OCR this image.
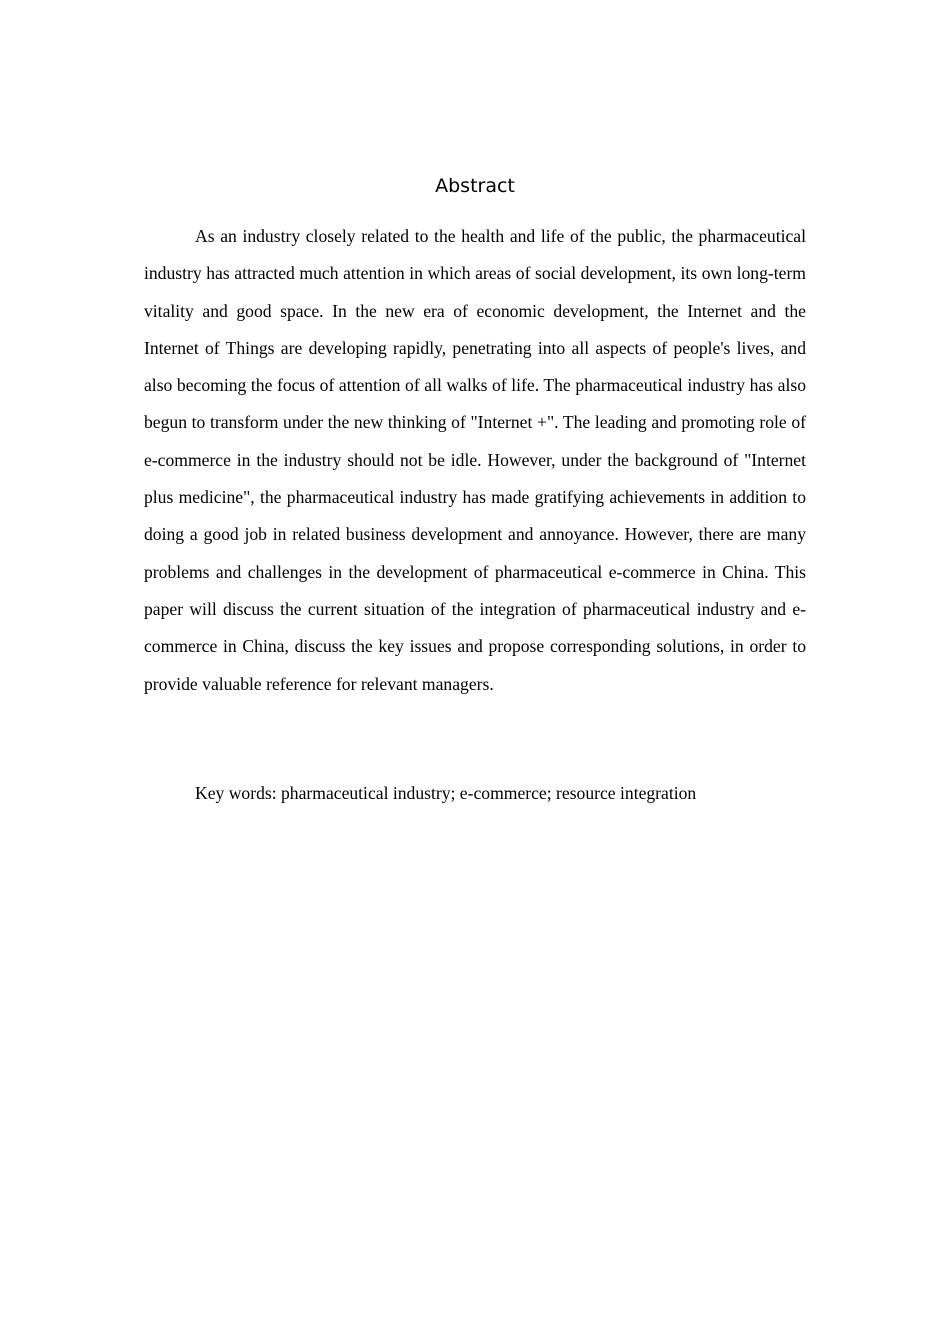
Abstract

As an industry closely related to the health and life of the public, the pharmaceutical industry has attracted much attention in which areas of social development, its own long-term vitality and good space. In the new era of economic development, the Internet and the Internet of Things are developing rapidly, penetrating into all aspects of people's lives, and also becoming the focus of attention of all walks of life. The pharmaceutical industry has also begun to transform under the new thinking of "Internet +". The leading and promoting role of e-commerce in the industry should not be idle. However, under the background of "Internet plus medicine", the pharmaceutical industry has made gratifying achievements in addition to doing a good job in related business development and annoyance. However, there are many problems and challenges in the development of pharmaceutical e-commerce in China. This paper will discuss the current situation of the integration of pharmaceutical industry and e-commerce in China, discuss the key issues and propose corresponding solutions, in order to provide valuable reference for relevant managers.

Key words: pharmaceutical industry; e-commerce; resource integration
